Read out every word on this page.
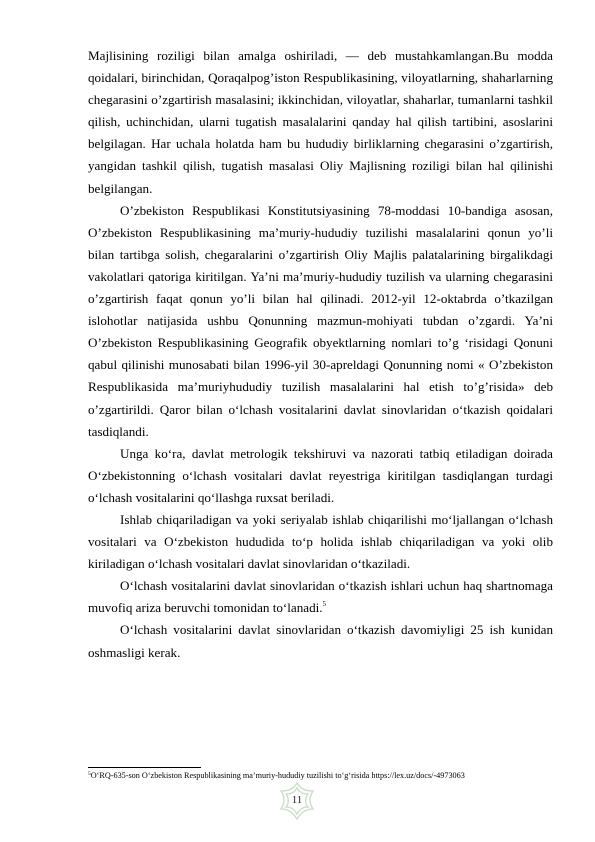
Majlisining roziligi bilan amalga oshiriladi, — deb mustahkamlangan.Bu modda qoidalari, birinchidan, Qoraqalpog’iston Respublikasining, viloyatlarning, shaharlarning chegarasini o’zgartirish masalasini; ikkinchidan, viloyatlar, shaharlar, tumanlarni tashkil qilish, uchinchidan, ularni tugatish masalalarini qanday hal qilish tartibini, asoslarini belgilagan. Har uchala holatda ham bu hududiy birliklarning chegarasini o’zgartirish, yangidan tashkil qilish, tugatish masalasi Oliy Majlisning roziligi bilan hal qilinishi belgilangan.

O’zbekiston Respublikasi Konstitutsiyasining 78-moddasi 10-bandiga asosan, O’zbekiston Respublikasining ma’muriy-hududiy tuzilishi masalalarini qonun yo’li bilan tartibga solish, chegaralarini o’zgartirish Oliy Majlis palatalarining birgalikdagi vakolatlari qatoriga kiritilgan. Ya’ni ma’muriy-hududiy tuzilish va ularning chegarasini o’zgartirish faqat qonun yo’li bilan hal qilinadi. 2012-yil 12-oktabrda o’tkazilgan islohotlar natijasida ushbu Qonunning mazmun-mohiyati tubdan o’zgardi. Ya’ni O’zbekiston Respublikasining Geografik obyektlarning nomlari to’g ‘risidagi Qonuni qabul qilinishi munosabati bilan 1996-yil 30-apreldagi Qonunning nomi « O’zbekiston Respublikasida ma’muriyhududiy tuzilish masalalarini hal etish to’g’risida» deb o’zgartirildi. Qaror bilan o‘lchash vositalarini davlat sinovlaridan o‘tkazish qoidalari tasdiqlandi.

Unga ko‘ra, davlat metrologik tekshiruvi va nazorati tatbiq etiladigan doirada O‘zbekistonning o‘lchash vositalari davlat reyestriga kiritilgan tasdiqlangan turdagi o‘lchash vositalarini qo‘llashga ruxsat beriladi.

Ishlab chiqariladigan va yoki seriyalab ishlab chiqarilishi mo‘ljallangan o‘lchash vositalari va O‘zbekiston hududida to‘p holida ishlab chiqariladigan va yoki olib kiriladigan o‘lchash vositalari davlat sinovlaridan o‘tkaziladi.

O‘lchash vositalarini davlat sinovlaridan o‘tkazish ishlari uchun haq shartnomaga muvofiq ariza beruvchi tomonidan to‘lanadi.$^5$

O‘lchash vositalarini davlat sinovlaridan o‘tkazish davomiyligi 25 ish kunidan oshmasligi kerak.

$^5$O‘RQ-635-son O‘zbekiston Respublikasining ma’muriy-hududiy tuzilishi to‘g‘risida https://lex.uz/docs/-4973063
11
